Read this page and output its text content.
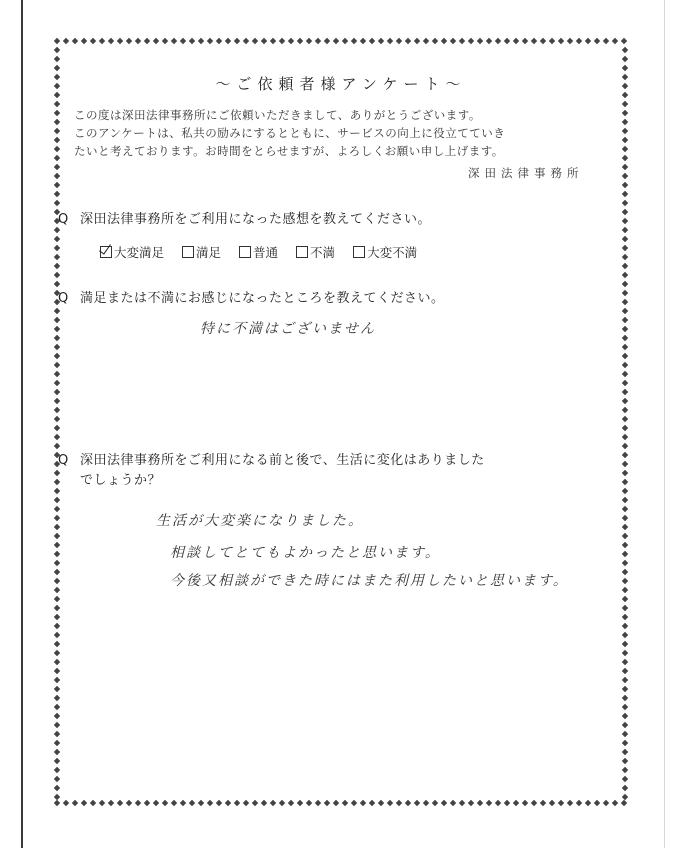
〜ご依頼者様アンケート〜

この度は深田法律事務所にご依頼いただきまして、ありがとうございます。

このアンケートは、私共の励みにするとともに、サービスの向上に役立てていき

たいと考えております。お時間をとらせますが、よろしくお願い申し上げます。

深田法律事務所
Q 深田法律事務所をご利用になった感想を教えてください。
大変満足	満足	普通	不満	大変不満
Q 満足または不満にお感じになったところを教えてください。
特に不満はございません
Q 深田法律事務所をご利用になる前と後で、生活に変化はありました
でしょうか？
生活が大変楽になりました。
相談してとてもよかったと思います。
今後又相談ができた時にはまた利用したいと思います。
